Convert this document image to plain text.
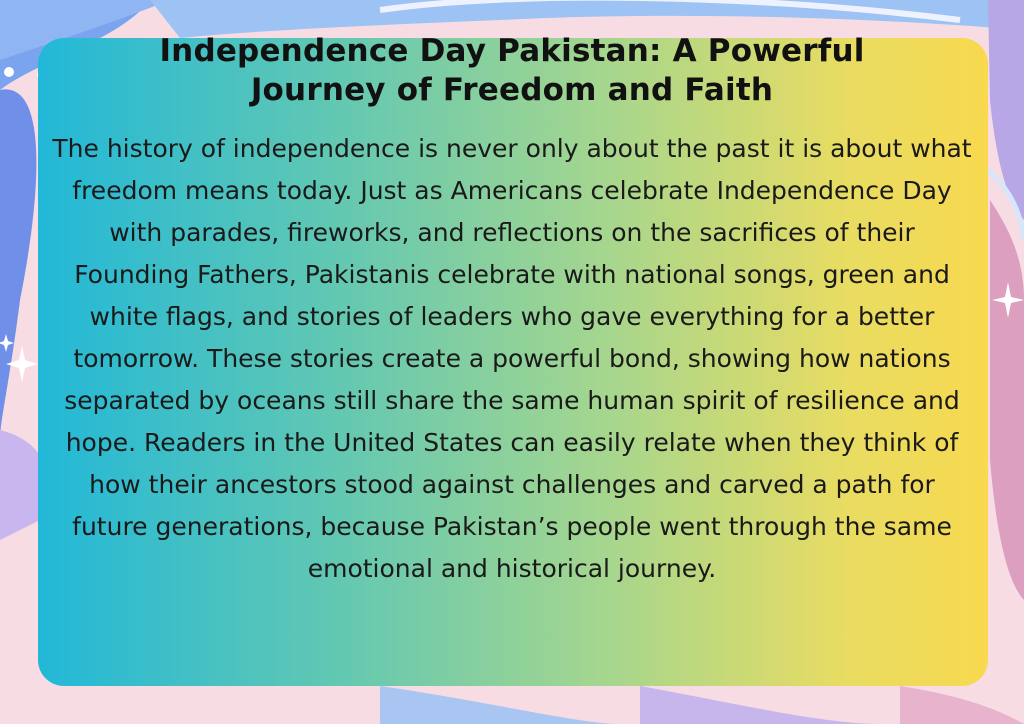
Independence Day Pakistan: A Powerful
Journey of Freedom and Faith

The history of independence is never only about the past it is about what freedom means today. Just as Americans celebrate Independence Day with parades, fireworks, and reflections on the sacrifices of their Founding Fathers, Pakistanis celebrate with national songs, green and white flags, and stories of leaders who gave everything for a better tomorrow. These stories create a powerful bond, showing how nations separated by oceans still share the same human spirit of resilience and hope. Readers in the United States can easily relate when they think of how their ancestors stood against challenges and carved a path for future generations, because Pakistan’s people went through the same emotional and historical journey.
